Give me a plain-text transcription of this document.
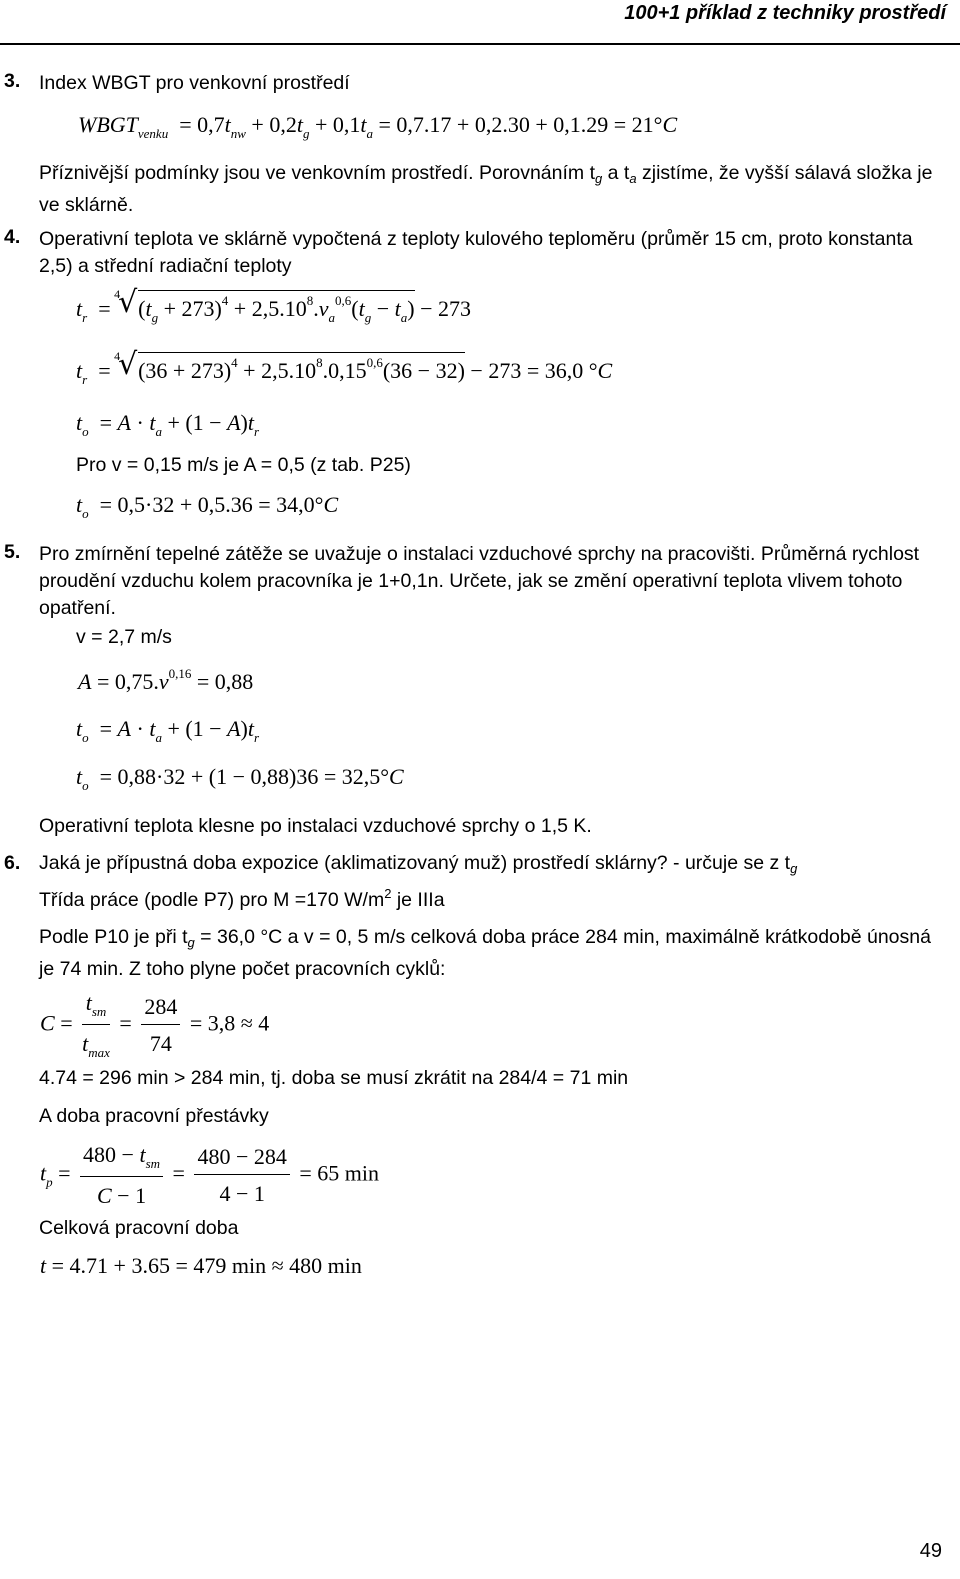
100+1 příklad z techniky prostředí
3. Index WBGT pro venkovní prostředí
$WBGT_{venku} = 0,7t_{nw} + 0,2t_g + 0,1t_a = 0,7.17 + 0,2.30 + 0,1.29 = 21^\circ C$
Příznivější podmínky jsou ve venkovním prostředí. Porovnáním $t_g$ a $t_a$ zjistíme, že vyšší sálavá složka je ve sklárně.
4. Operativní teplota ve sklárně vypočtená z teploty kulového teploměru (průměr 15 cm, proto konstanta 2,5) a střední radiační teploty
$t_r$  =
√ 4
$(t_g + 273)^4 + 2,5.10^8.v_a^{0,6}(t_g - t_a) - 273$
$t_r$  =
√ 4
$(36 + 273)^4 + 2,5.10^8.0,15^{0,6}(36 - 32) - 273 = 36,0$ °C
$t_o = A \cdot t_a + (1 - A)t_r$
Pro v = 0,15 m/s je A = 0,5 (z tab. P25)
$t_o = 0,5\cdot 32 + 0,5.36 = 34,0^\circ C$
5. Pro zmírnění tepelné zátěže se uvažuje o instalaci vzduchové sprchy na pracovišti. Průměrná rychlost proudění vzduchu kolem pracovníka je 1+0,1n. Určete, jak se změní operativní teplota vlivem tohoto opatření.
v = 2,7 m/s
$A = 0,75.v^{0,16} = 0,88$
$t_o = A \cdot t_a + (1 - A)t_r$
$t_o = 0,88\cdot 32 + (1 - 0,88)36 = 32,5^\circ C$
Operativní teplota klesne po instalaci vzduchové sprchy o 1,5 K.
6. Jaká je přípustná doba expozice (aklimatizovaný muž) prostředí sklárny? - určuje se z $t_g$
Třída práce (podle P7) pro M =170 $W/m^2$ je IIIa
Podle P10 je při $t_g = 36,0$ °C a v = 0, 5 m/s celková doba práce 284 min, maximálně krátkodobě únosná je 74 min. Z toho plyne počet pracovních cyklů:
$C = \frac{t_{sm}}{t_{max}} = \frac{284}{74} = 3,8 \approx 4$
4.74 = 296 min > 284 min, tj. doba se musí zkrátit na 284/4 = 71 min
A doba pracovní přestávky
$t_p = \frac{480 - t_{sm}}{C - 1} = \frac{480 - 284}{4 - 1} = 65$ min
Celková pracovní doba
t = 4.71 + 3.65 = 479 min ≈ 480 min
49
